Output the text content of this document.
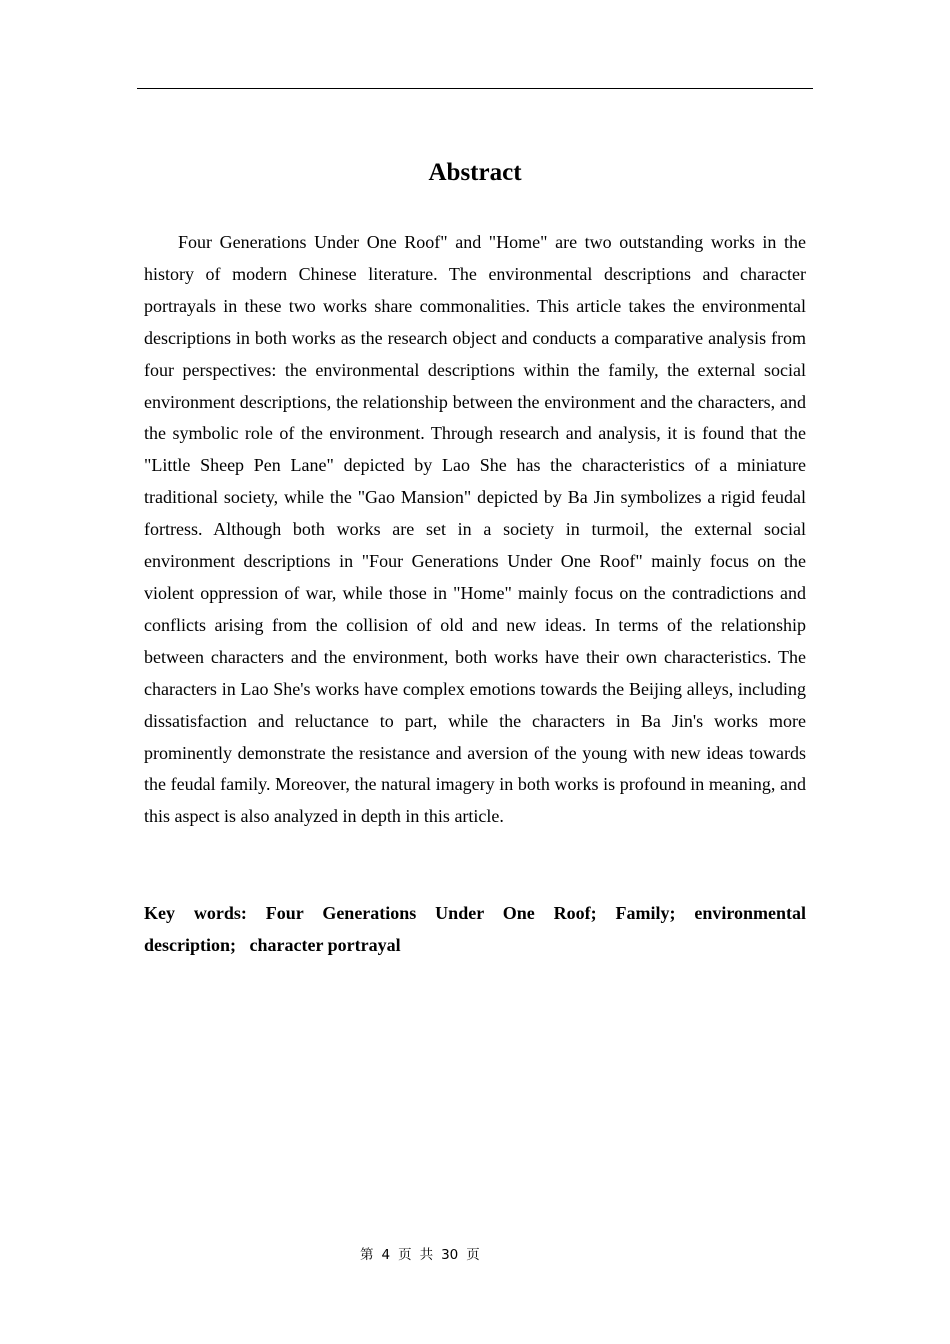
Abstract

Four Generations Under One Roof" and "Home" are two outstanding works in the history of modern Chinese literature. The environmental descriptions and character portrayals in these two works share commonalities. This article takes the environmental descriptions in both works as the research object and conducts a comparative analysis from four perspectives: the environmental descriptions within the family, the external social environment descriptions, the relationship between the environment and the characters, and the symbolic role of the environment. Through research and analysis, it is found that the "Little Sheep Pen Lane" depicted by Lao She has the characteristics of a miniature traditional society, while the "Gao Mansion" depicted by Ba Jin symbolizes a rigid feudal fortress. Although both works are set in a society in turmoil, the external social environment descriptions in "Four Generations Under One Roof" mainly focus on the violent oppression of war, while those in "Home" mainly focus on the contradictions and conflicts arising from the collision of old and new ideas. In terms of the relationship between characters and the environment, both works have their own characteristics. The characters in Lao She's works have complex emotions towards the Beijing alleys, including dissatisfaction and reluctance to part, while the characters in Ba Jin's works more prominently demonstrate the resistance and aversion of the young with new ideas towards the feudal family. Moreover, the natural imagery in both works is profound in meaning, and this aspect is also analyzed in depth in this article.

Key words: Four Generations Under One Roof; Family; environmental description;   character portrayal

第 4 页 共 30 页
